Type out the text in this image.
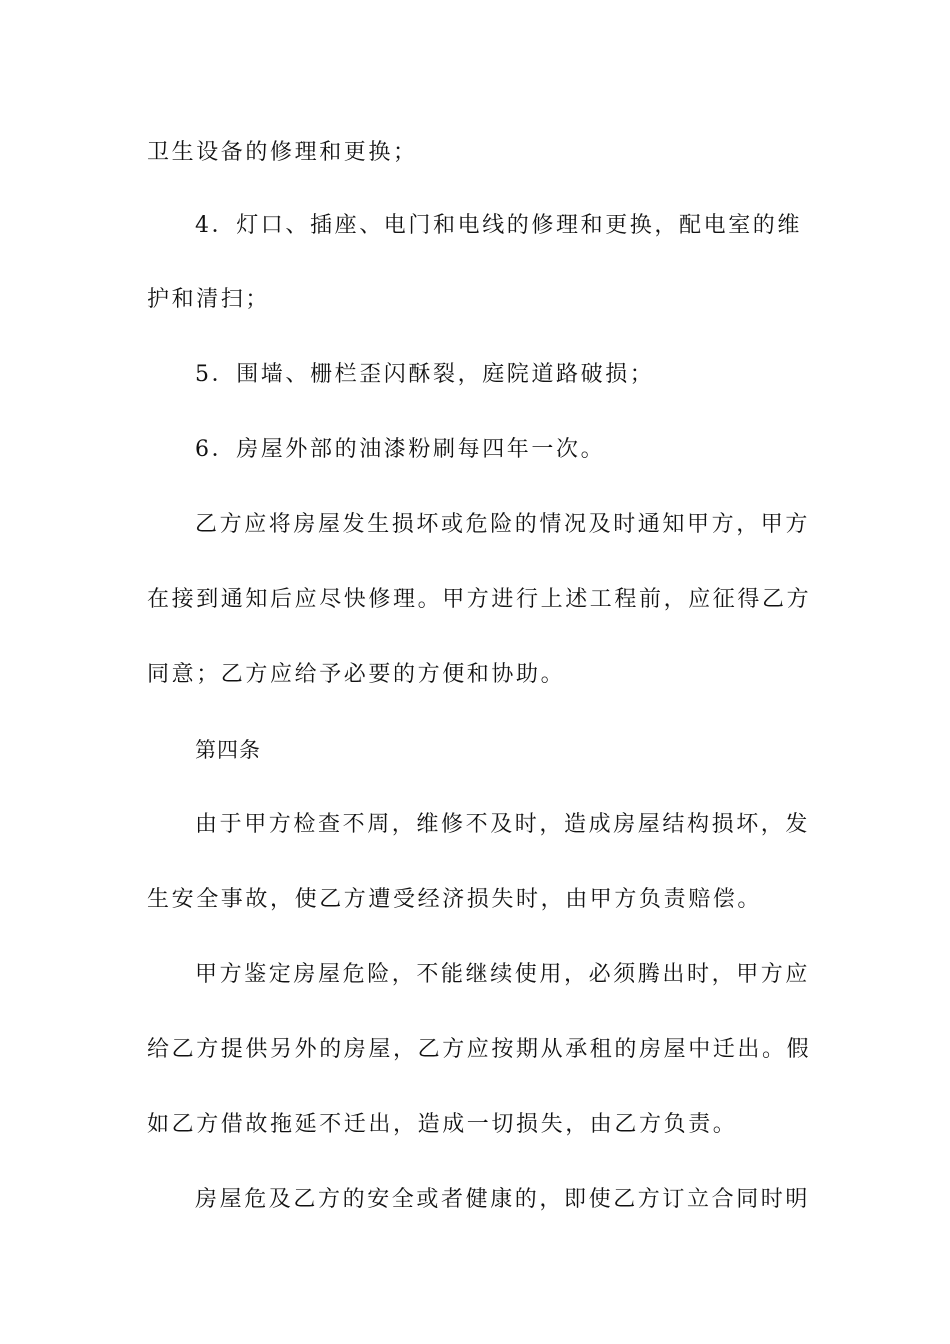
卫生设备的修理和更换；
4．灯口、插座、电门和电线的修理和更换，配电室的维
护和清扫；
5．围墙、栅栏歪闪酥裂，庭院道路破损；
6．房屋外部的油漆粉刷每四年一次。
乙方应将房屋发生损坏或危险的情况及时通知甲方，甲方
在接到通知后应尽快修理。甲方进行上述工程前，应征得乙方
同意；乙方应给予必要的方便和协助。
第四条
由于甲方检查不周，维修不及时，造成房屋结构损坏，发
生安全事故，使乙方遭受经济损失时，由甲方负责赔偿。
甲方鉴定房屋危险，不能继续使用，必须腾出时，甲方应
给乙方提供另外的房屋，乙方应按期从承租的房屋中迁出。假
如乙方借故拖延不迁出，造成一切损失，由乙方负责。
房屋危及乙方的安全或者健康的，即使乙方订立合同时明
